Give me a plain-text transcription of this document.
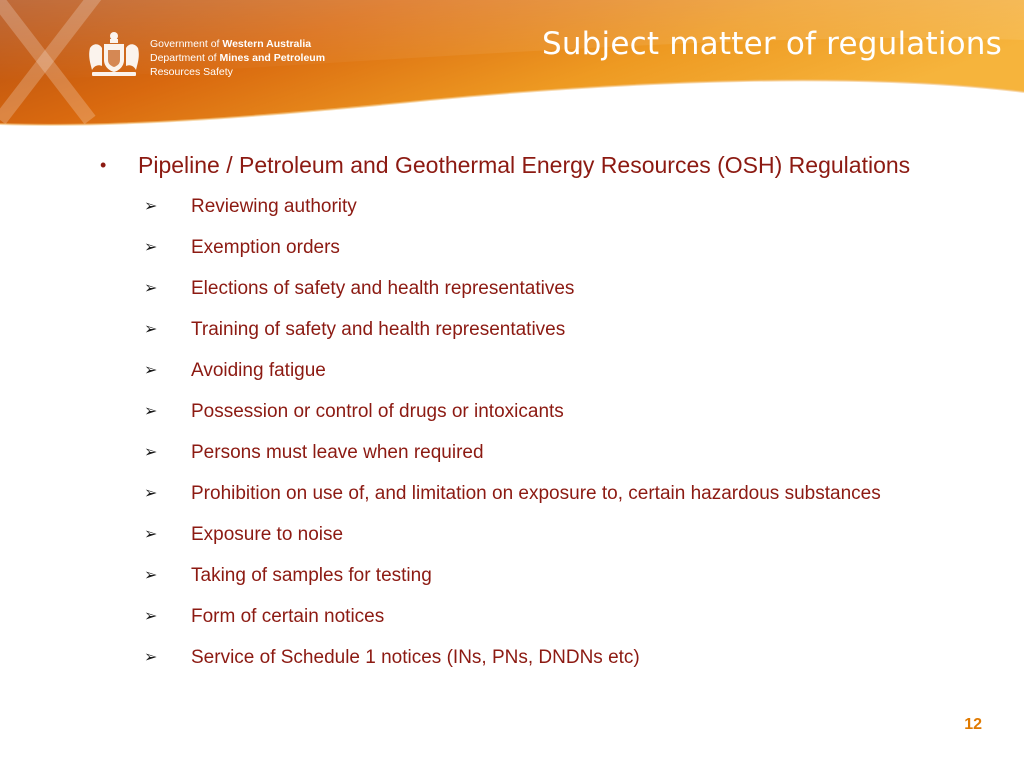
Government of Western Australia
Department of Mines and Petroleum
Resources Safety
Subject matter of regulations
• Pipeline / Petroleum and Geothermal Energy Resources (OSH) Regulations
➢ Reviewing authority
➢ Exemption orders
➢ Elections of safety and health representatives
➢ Training of safety and health representatives
➢ Avoiding fatigue
➢ Possession or control of drugs or intoxicants
➢ Persons must leave when required
➢ Prohibition on use of, and limitation on exposure to, certain hazardous substances
➢ Exposure to noise
➢ Taking of samples for testing
➢ Form of certain notices
➢ Service of Schedule 1 notices (INs, PNs, DNDNs etc)
12
